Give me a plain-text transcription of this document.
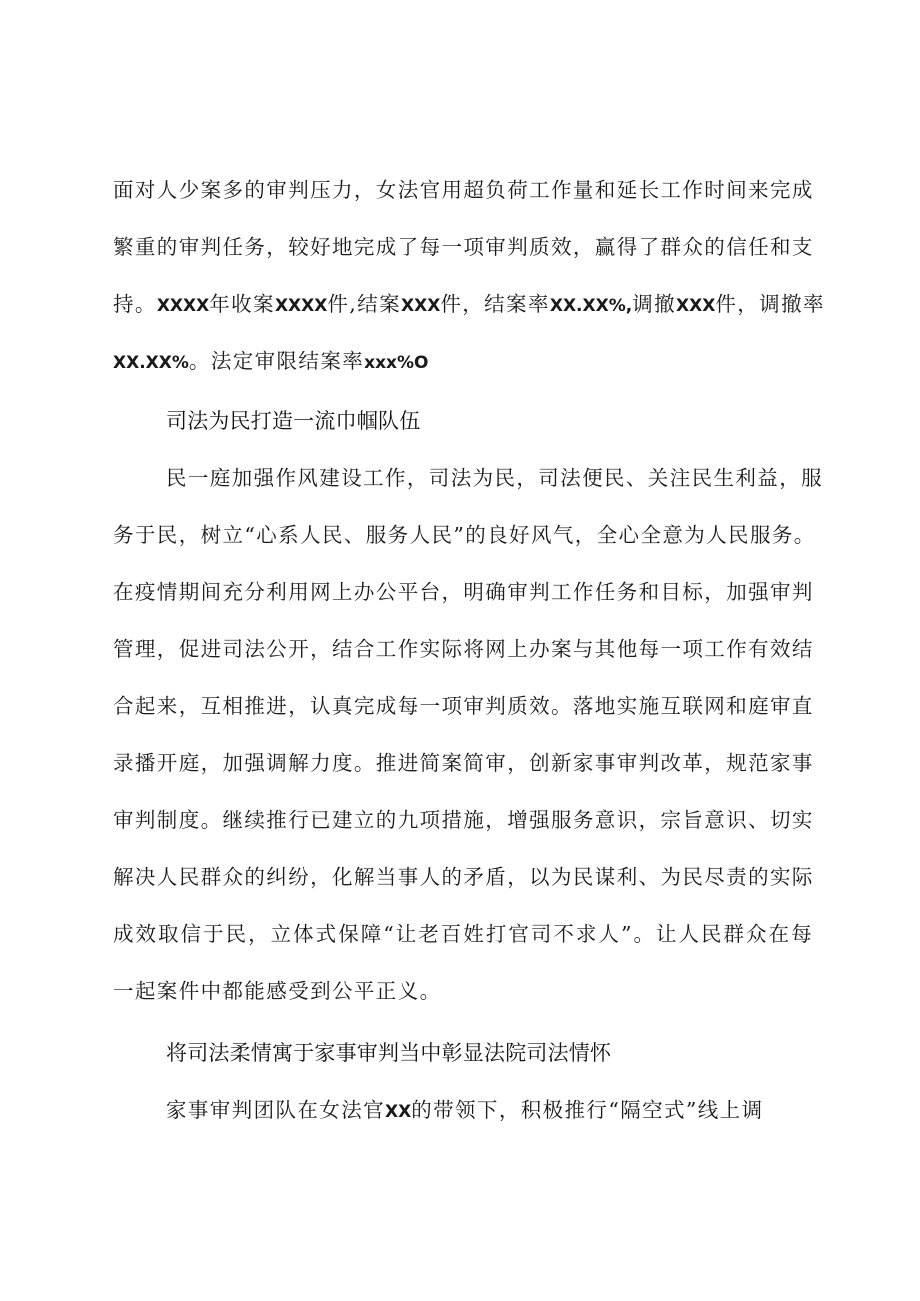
面对人少案多的审判压力，女法官用超负荷工作量和延长工作时间来完成
繁重的审判任务，较好地完成了每一项审判质效，赢得了群众的信任和支
持。XXXX年收案XXXX件,结案XXX件，结案率XX.XX%,调撤XXX件，调撤率
XX.XX%。法定审限结案率xxx%O
司法为民打造一流巾帼队伍
民一庭加强作风建设工作，司法为民，司法便民、关注民生利益，服
务于民，树立“心系人民、服务人民”的良好风气，全心全意为人民服务。
在疫情期间充分利用网上办公平台，明确审判工作任务和目标，加强审判
管理，促进司法公开，结合工作实际将网上办案与其他每一项工作有效结
合起来，互相推进，认真完成每一项审判质效。落地实施互联网和庭审直
录播开庭，加强调解力度。推进简案简审，创新家事审判改革，规范家事
审判制度。继续推行已建立的九项措施，增强服务意识，宗旨意识、切实
解决人民群众的纠纷，化解当事人的矛盾，以为民谋利、为民尽责的实际
成效取信于民，立体式保障“让老百姓打官司不求人”。让人民群众在每
一起案件中都能感受到公平正义。
将司法柔情寓于家事审判当中彰显法院司法情怀
家事审判团队在女法官XX的带领下，积极推行“隔空式”线上调
